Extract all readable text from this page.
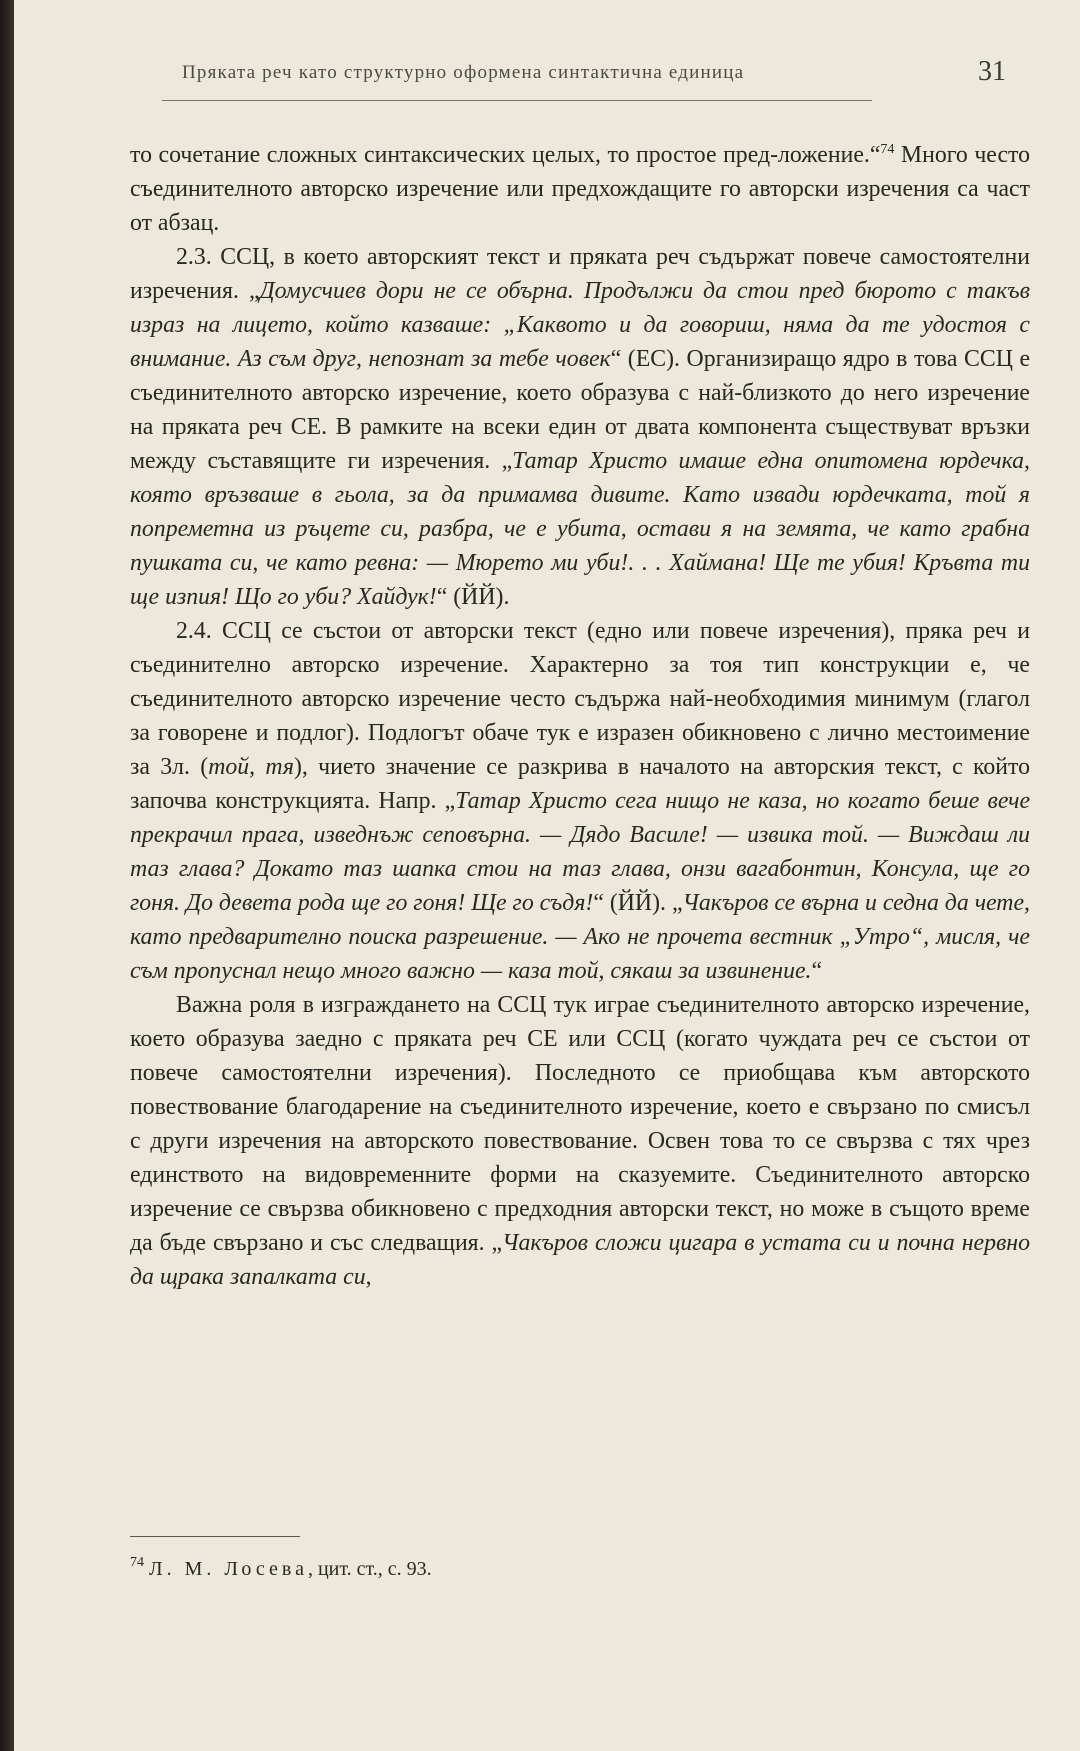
Пряката реч като структурно оформена синтактична единица	31

то сочетание сложных синтаксических целых, то простое пред-ложение.“$^{74}$ Много често съединителното авторско изречение или предхождащите го авторски изречения са част от абзац.

2.3. ССЦ, в което авторският текст и пряката реч съдържат повече самостоятелни изречения. „Домусчиев дори не се обърна. Продължи да стои пред бюрото с такъв израз на лицето, който казваше: „Каквото и да говориш, няма да те удостоя с внимание. Аз съм друг, непознат за тебе човек“ (ЕС). Организиращо ядро в това ССЦ е съединителното авторско изречение, което образува с най-близкото до него изречение на пряката реч СЕ. В рамките на всеки един от двата компонента съществуват връзки между съставящите ги изречения. „Татар Христо имаше една опитомена юрдечка, която връзваше в гьола, за да примамва дивите. Като извади юрдечката, той я попреметна из ръцете си, разбра, че е убита, остави я на земята, че като грабна пушката си, че като ревна: — Мюрето ми уби!. . . Хаймана! Ще те убия! Кръвта ти ще изпия! Що го уби? Хайдук!“ (ЙЙ).

2.4. ССЦ се състои от авторски текст (едно или повече изречения), пряка реч и съединително авторско изречение. Характерно за тоя тип конструкции е, че съединителното авторско изречение често съдържа най-необходимия минимум (глагол за говорене и подлог). Подлогът обаче тук е изразен обикновено с лично местоимение за 3л. (той, тя), чието значение се разкрива в началото на авторския текст, с който започва конструкцията. Напр. „Татар Христо сега нищо не каза, но когато беше вече прекрачил прага, изведнъж сеповърна. — Дядо Василе! — извика той. — Виждаш ли таз глава? Докато таз шапка стои на таз глава, онзи вагабонтин, Консула, ще го гоня. До девета рода ще го гоня! Ще го съдя!“ (ЙЙ). „Чакъров се върна и седна да чете, като предварително поиска разрешение. — Ако не прочета вестник „Утро“, мисля, че съм пропуснал нещо много важно — каза той, сякаш за извинение.“

Важна роля в изграждането на ССЦ тук играе съединителното авторско изречение, което образува заедно с пряката реч СЕ или ССЦ (когато чуждата реч се състои от повече самостоятелни изречения). Последното се приобщава към авторското повествование благодарение на съединителното изречение, което е свързано по смисъл с други изречения на авторското повествование. Освен това то се свързва с тях чрез единството на видовременните форми на сказуемите. Съединителното авторско изречение се свързва обикновено с предходния авторски текст, но може в същото време да бъде свързано и със следващия. „Чакъров сложи цигара в устата си и почна нервно да щрака запалката си,

$^{74}$ Л. М. Лосева, цит. ст., с. 93.
